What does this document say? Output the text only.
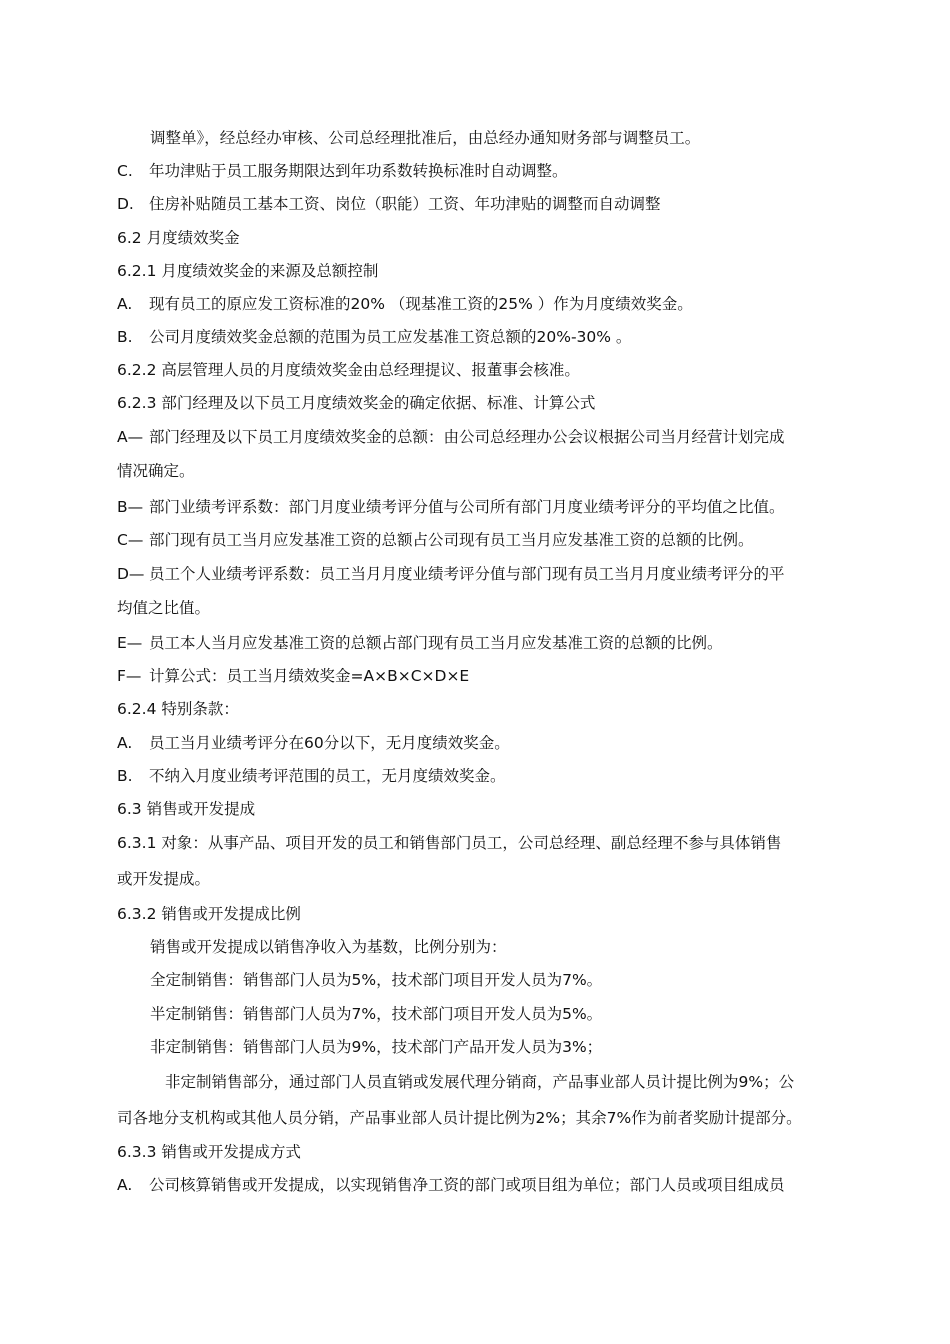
调整单》，经总经办审核、公司总经理批准后，由总经办通知财务部与调整员工。
C.	年功津贴于员工服务期限达到年功系数转换标准时自动调整。
D. 住房补贴随员工基本工资、岗位（职能）工资、年功津贴的调整而自动调整
6.2 月度绩效奖金
6.2.1 月度绩效奖金的来源及总额控制
A.	现有员工的原应发工资标准的20% （现基准工资的25% ）作为月度绩效奖金。
B.	公司月度绩效奖金总额的范围为员工应发基准工资总额的20%-30% 。
6.2.2 高层管理人员的月度绩效奖金由总经理提议、报董事会核准。
6.2.3 部门经理及以下员工月度绩效奖金的确定依据、标准、计算公式
A— 部门经理及以下员工月度绩效奖金的总额：由公司总经理办公会议根据公司当月经营计划完成
情况确定。
B— 部门业绩考评系数：部门月度业绩考评分值与公司所有部门月度业绩考评分的平均值之比值。
C— 部门现有员工当月应发基准工资的总额占公司现有员工当月应发基准工资的总额的比例。
D— 员工个人业绩考评系数：员工当月月度业绩考评分值与部门现有员工当月月度业绩考评分的平
均值之比值。
E— 员工本人当月应发基准工资的总额占部门现有员工当月应发基准工资的总额的比例。
F— 计算公式：员工当月绩效奖金=A×B×C×D×E
6.2.4 特别条款：
A.	员工当月业绩考评分在60分以下，无月度绩效奖金。
B.	不纳入月度业绩考评范围的员工，无月度绩效奖金。
6.3 销售或开发提成
6.3.1 对象：从事产品、项目开发的员工和销售部门员工，公司总经理、副总经理不参与具体销售
或开发提成。
6.3.2 销售或开发提成比例
销售或开发提成以销售净收入为基数，比例分别为：
全定制销售：销售部门人员为5%，技术部门项目开发人员为7%。
半定制销售：销售部门人员为7%，技术部门项目开发人员为5%。
非定制销售：销售部门人员为9%，技术部门产品开发人员为3%；
非定制销售部分，通过部门人员直销或发展代理分销商，产品事业部人员计提比例为9%；公
司各地分支机构或其他人员分销，产品事业部人员计提比例为2%；其余7%作为前者奖励计提部分。
6.3.3 销售或开发提成方式
A.	公司核算销售或开发提成，以实现销售净工资的部门或项目组为单位；部门人员或项目组成员
